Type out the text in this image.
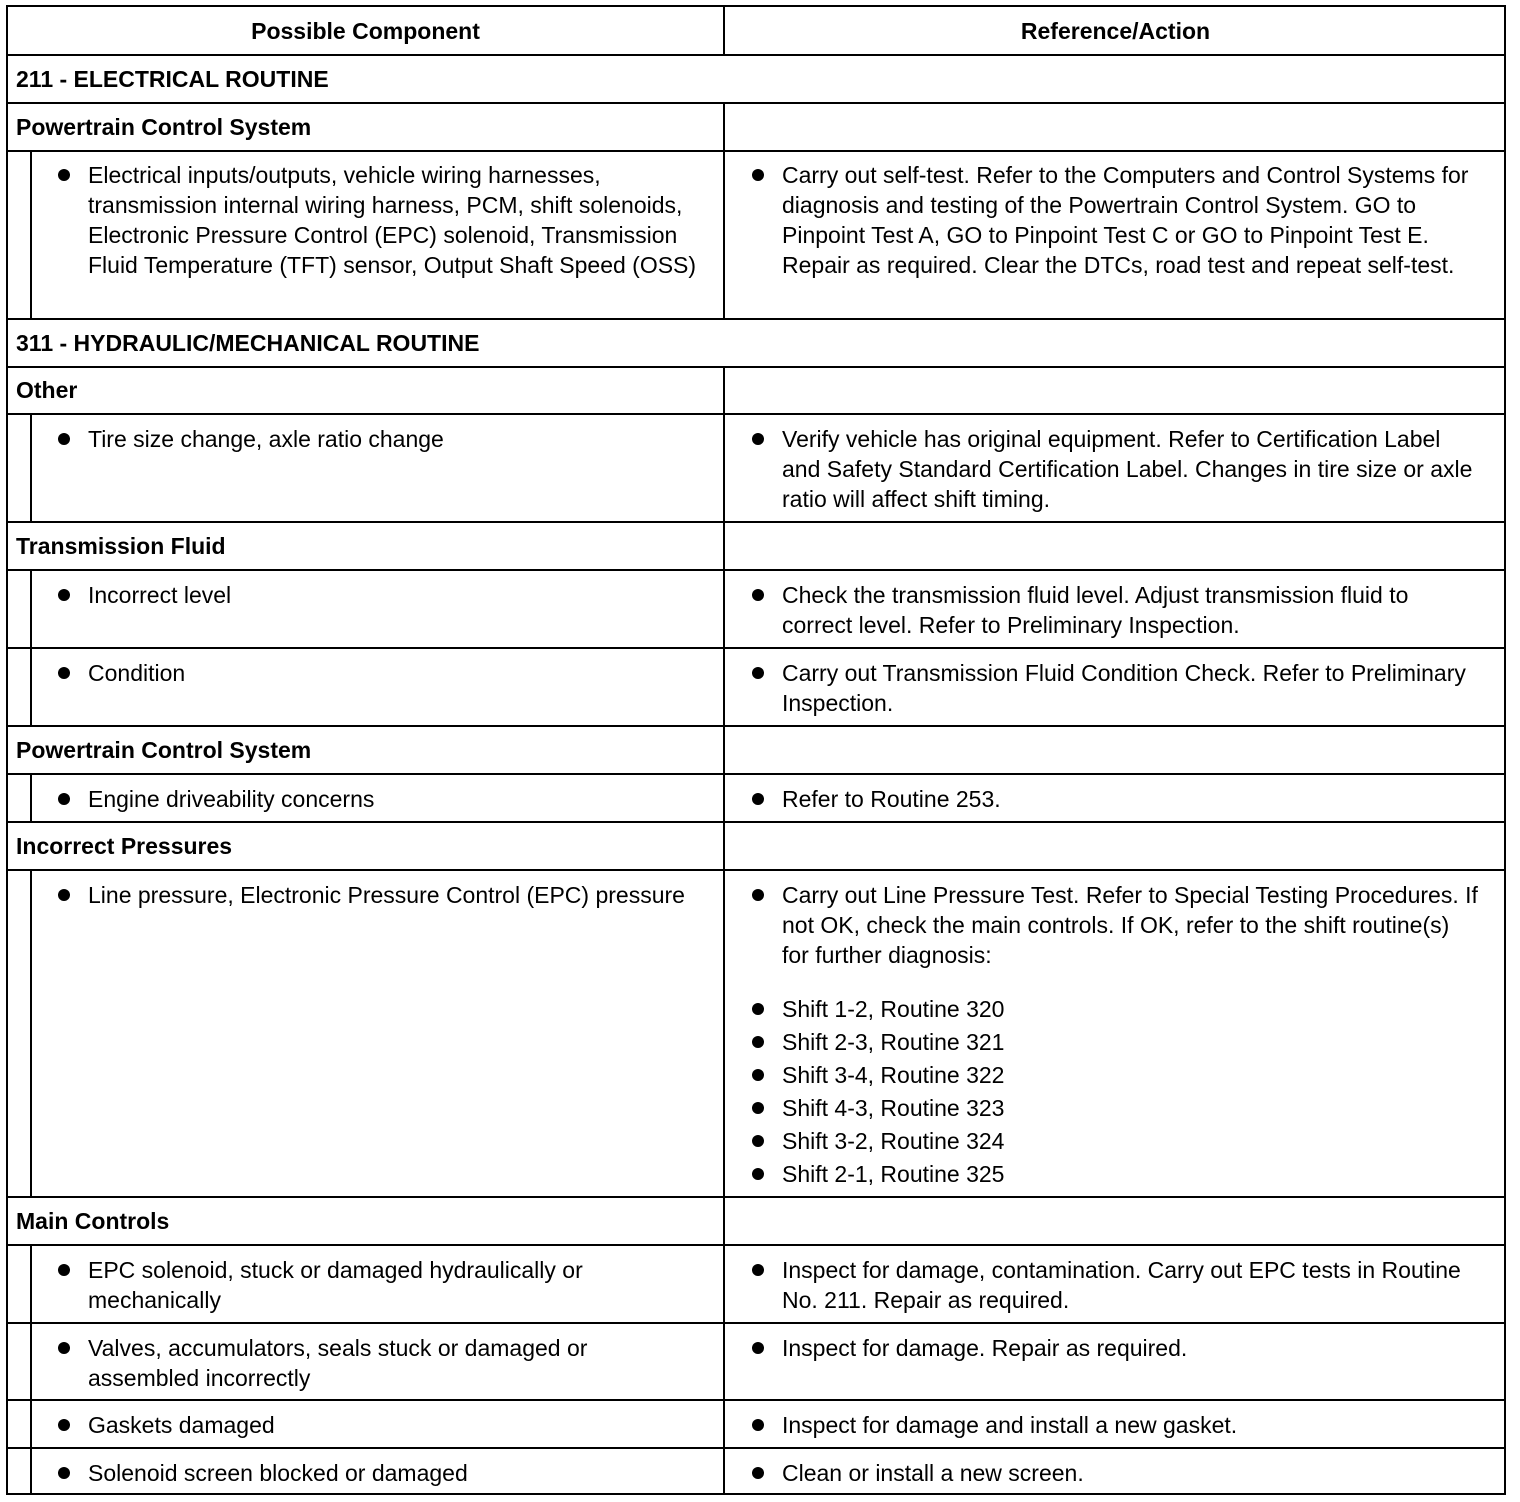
Possible Component	Reference/Action
211 - ELECTRICAL ROUTINE
Powertrain Control System
311 - HYDRAULIC/MECHANICAL ROUTINE
Other
Transmission Fluid
Powertrain Control System
Incorrect Pressures
Main Controls
Electrical inputs/outputs, vehicle wiring harnesses, transmission internal wiring harness, PCM, shift solenoids, Electronic Pressure Control (EPC) solenoid, Transmission Fluid Temperature (TFT) sensor, Output Shaft Speed (OSS)
Tire size change, axle ratio change
Incorrect level
Condition
Engine driveability concerns
Line pressure, Electronic Pressure Control (EPC) pressure
EPC solenoid, stuck or damaged hydraulically or mechanically
Valves, accumulators, seals stuck or damaged or assembled incorrectly
Gaskets damaged
Solenoid screen blocked or damaged
Carry out self-test. Refer to the Computers and Control Systems for diagnosis and testing of the Powertrain Control System. GO to Pinpoint Test A, GO to Pinpoint Test C or GO to Pinpoint Test E. Repair as required. Clear the DTCs, road test and repeat self-test.
Verify vehicle has original equipment. Refer to Certification Label and Safety Standard Certification Label. Changes in tire size or axle ratio will affect shift timing.
Check the transmission fluid level. Adjust transmission fluid to correct level. Refer to Preliminary Inspection.
Carry out Transmission Fluid Condition Check. Refer to Preliminary Inspection.
Refer to Routine 253.
Carry out Line Pressure Test. Refer to Special Testing Procedures. If not OK, check the main controls. If OK, refer to the shift routine(s) for further diagnosis:
Shift 1-2, Routine 320
Shift 2-3, Routine 321
Shift 3-4, Routine 322
Shift 4-3, Routine 323
Shift 3-2, Routine 324
Shift 2-1, Routine 325
Inspect for damage, contamination. Carry out EPC tests in Routine No. 211. Repair as required.
Inspect for damage. Repair as required.
Inspect for damage and install a new gasket.
Clean or install a new screen.
